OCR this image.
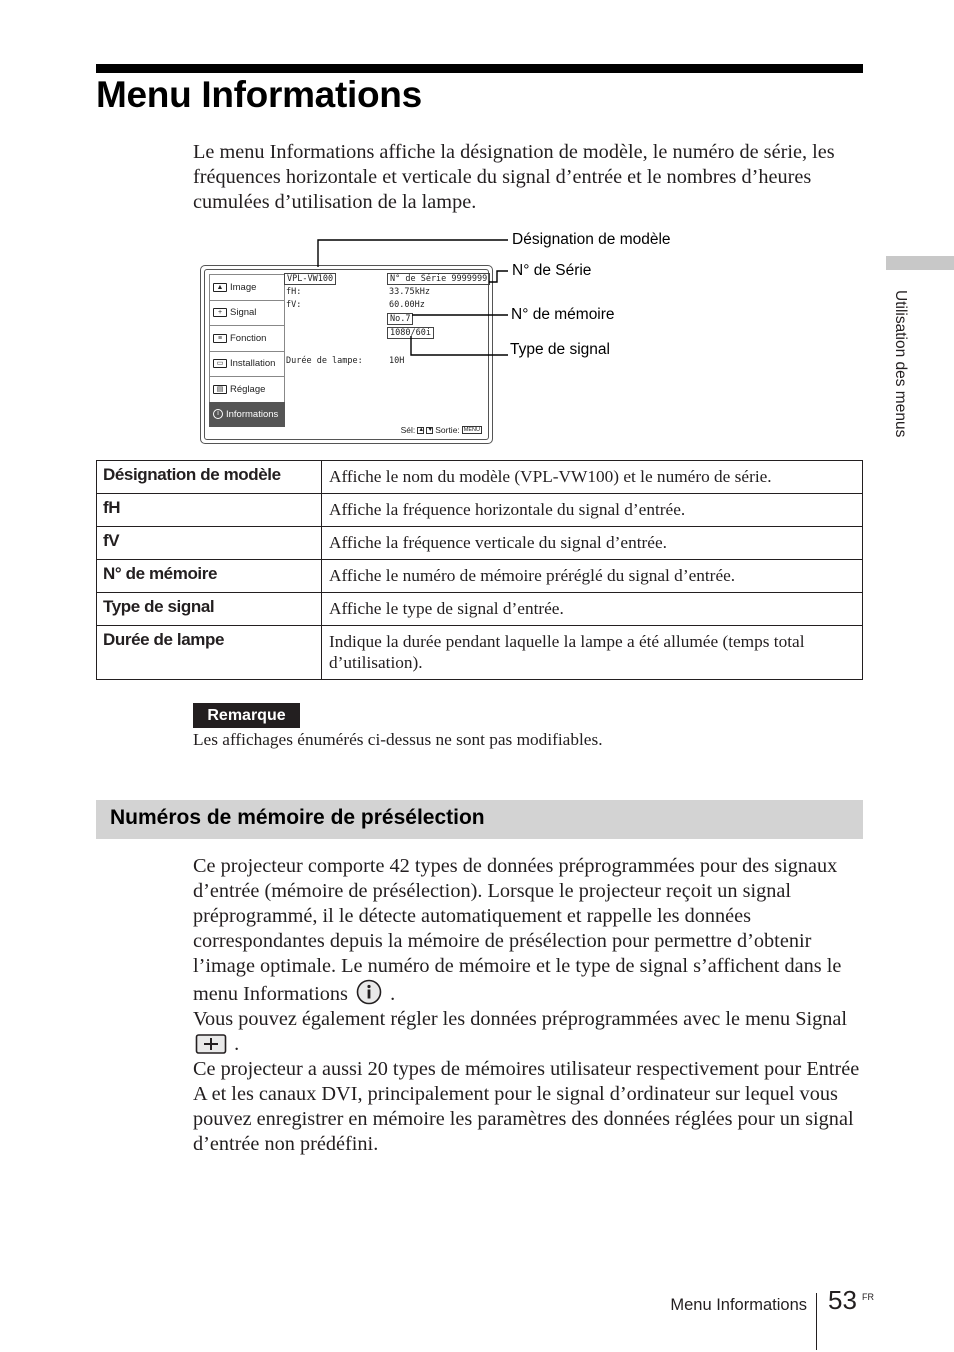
Menu Informations

Le menu Informations affiche la désignation de modèle, le numéro de série, les fréquences horizontale et verticale du signal d’entrée et le nombres d’heures cumulées d’utilisation de la lampe.

▲ Image
+ Signal
≡ Fonction
▭ Installation
▤ Réglage
i Informations
VPL-VW100
fH:
fV:
N° de Série 9999999
33.75kHz
60.00Hz
No.7
1080/60i
Durée de lampe:	10H
Sél: ▲ ▼ Sortie: MENU
Désignation de modèle
N° de Série
N° de mémoire
Type de signal
Désignation de modèle	Affiche le nom du modèle (VPL-VW100) et le numéro de série.
fH	Affiche la fréquence horizontale du signal d’entrée.
fV	Affiche la fréquence verticale du signal d’entrée.
N° de mémoire	Affiche le numéro de mémoire préréglé du signal d’entrée.
Type de signal	Affiche le type de signal d’entrée.
Durée de lampe	Indique la durée pendant laquelle la lampe a été allumée (temps total d’utilisation).
Remarque

Les affichages énumérés ci-dessus ne sont pas modifiables.

Numéros de mémoire de présélection

Ce projecteur comporte 42 types de données préprogrammées pour des signaux d’entrée (mémoire de présélection). Lorsque le projecteur reçoit un signal préprogrammé, il le détecte automatiquement et rappelle les données correspondantes depuis la mémoire de présélection pour permettre d’obtenir l’image optimale. Le numéro de mémoire et le type de signal s’affichent dans le menu Informations .

Vous pouvez également régler les données préprogrammées avec le menu Signal  .

Ce projecteur a aussi 20 types de mémoires utilisateur respectivement pour Entrée A et les canaux DVI, principalement pour le signal d’ordinateur sur lequel vous pouvez enregistrer en mémoire les paramètres des données réglées pour un signal d’entrée non prédéfini.

Utilisation des menus
Menu Informations 53 FR
